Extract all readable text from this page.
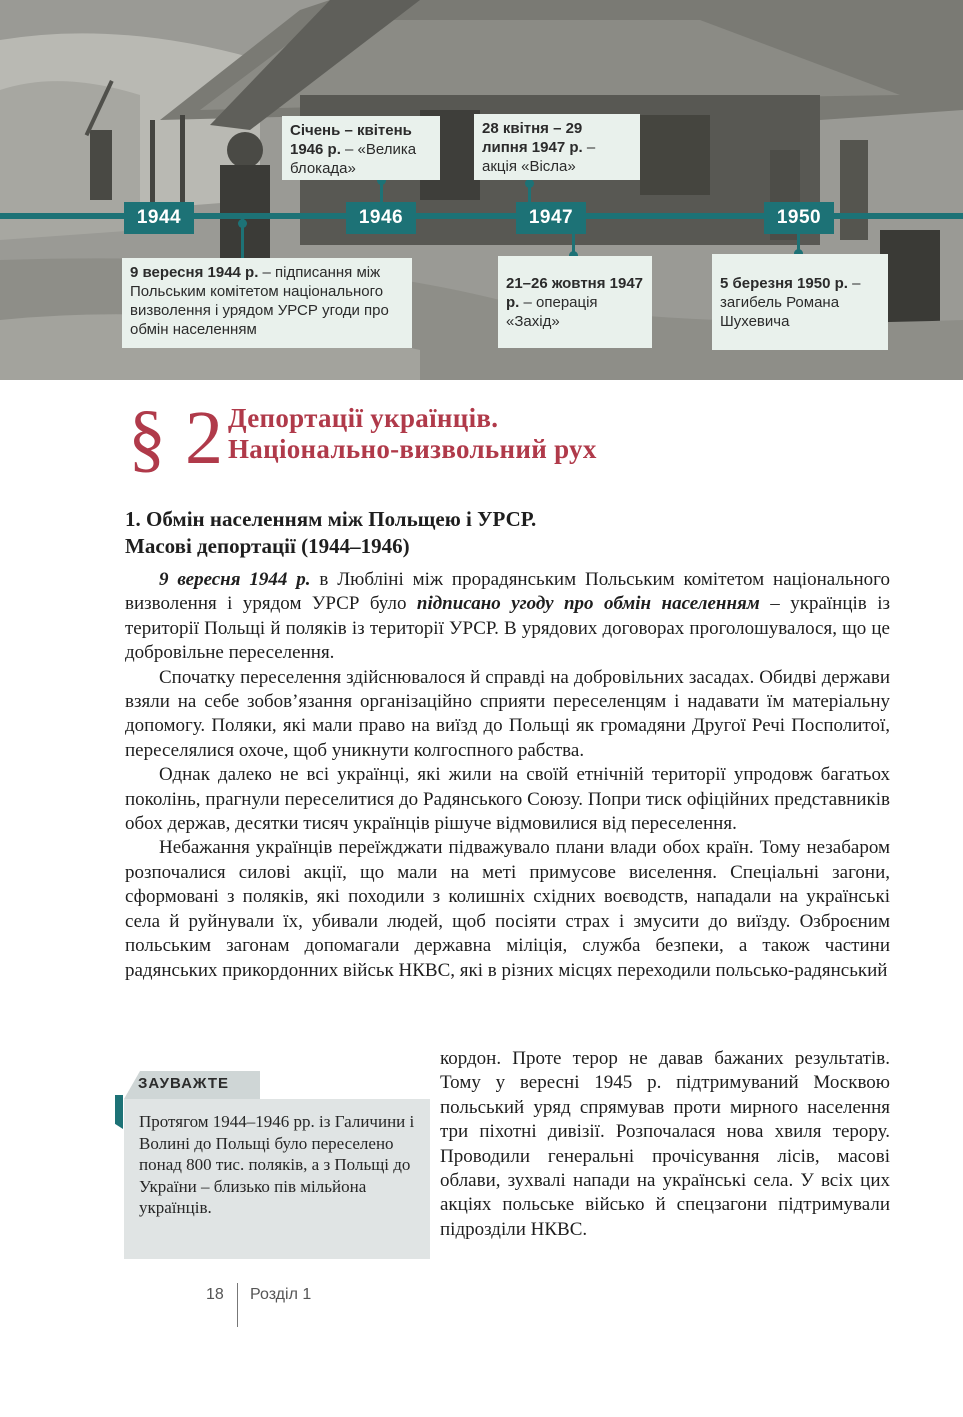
1944	1946	1947	1950
Січень – квітень 1946 р. – «Велика блокада»
28 квітня – 29 липня 1947 р. – акція «Вісла»
9 вересня 1944 р. – підписання між Польським комітетом національного визволення і урядом УРСР угоди про обмін населенням
21–26 жовтня 1947 р. – операція «Захід»
5 березня 1950 р. – загибель Романа Шухевича
§ 2 Депортації українців.
Національно-визвольний рух
1. Обмін населенням між Польщею і УРСР.
Масові депортації (1944–1946)

9 вересня 1944 р. в Любліні між прорадянським Польським комітетом національного визволення і урядом УРСР було підписано угоду про обмін населенням – українців із території Польщі й поляків із території УРСР. В урядових договорах проголошувалося, що це добровільне переселення.

Спочатку переселення здійснювалося й справді на добровільних засадах. Обидві держави взяли на себе зобов’язання організаційно сприяти переселенцям і надавати їм матеріальну допомогу. Поляки, які мали право на виїзд до Польщі як громадяни Другої Речі Посполитої, переселялися охоче, щоб уникнути колгоспного рабства.

Однак далеко не всі українці, які жили на своїй етнічній території упродовж багатьох поколінь, прагнули переселитися до Радянського Союзу. Попри тиск офіційних представників обох держав, десятки тисяч українців рішуче відмовилися від переселення.

Небажання українців переїжджати підважувало плани влади обох країн. Тому незабаром розпочалися силові акції, що мали на меті примусове виселення. Спеціальні загони, сформовані з поляків, які походили з колишніх східних воєводств, нападали на українські села й руйнували їх, убивали людей, щоб посіяти страх і змусити до виїзду. Озброєним польським загонам допомагали державна міліція, служба безпеки, а також частини радянських прикордонних військ НКВС, які в різних місцях переходили польсько-радянський

кордон. Проте терор не давав бажаних результатів. Тому у вересні 1945 р. підтримуваний Москвою польський уряд спрямував проти мирного населення три піхотні дивізії. Розпочалася нова хвиля терору. Проводили генеральні прочісування лісів, масові облави, зухвалі напади на українські села. У всіх цих акціях польське військо й спецзагони підтримували підрозділи НКВС.

ЗАУВАЖТЕ
Протягом 1944–1946 рр. із Галичини і Волині до Польщі було переселено понад 800 тис. поляків, а з Польщі до України – близько пів мільйона українців.
18 Розділ 1
